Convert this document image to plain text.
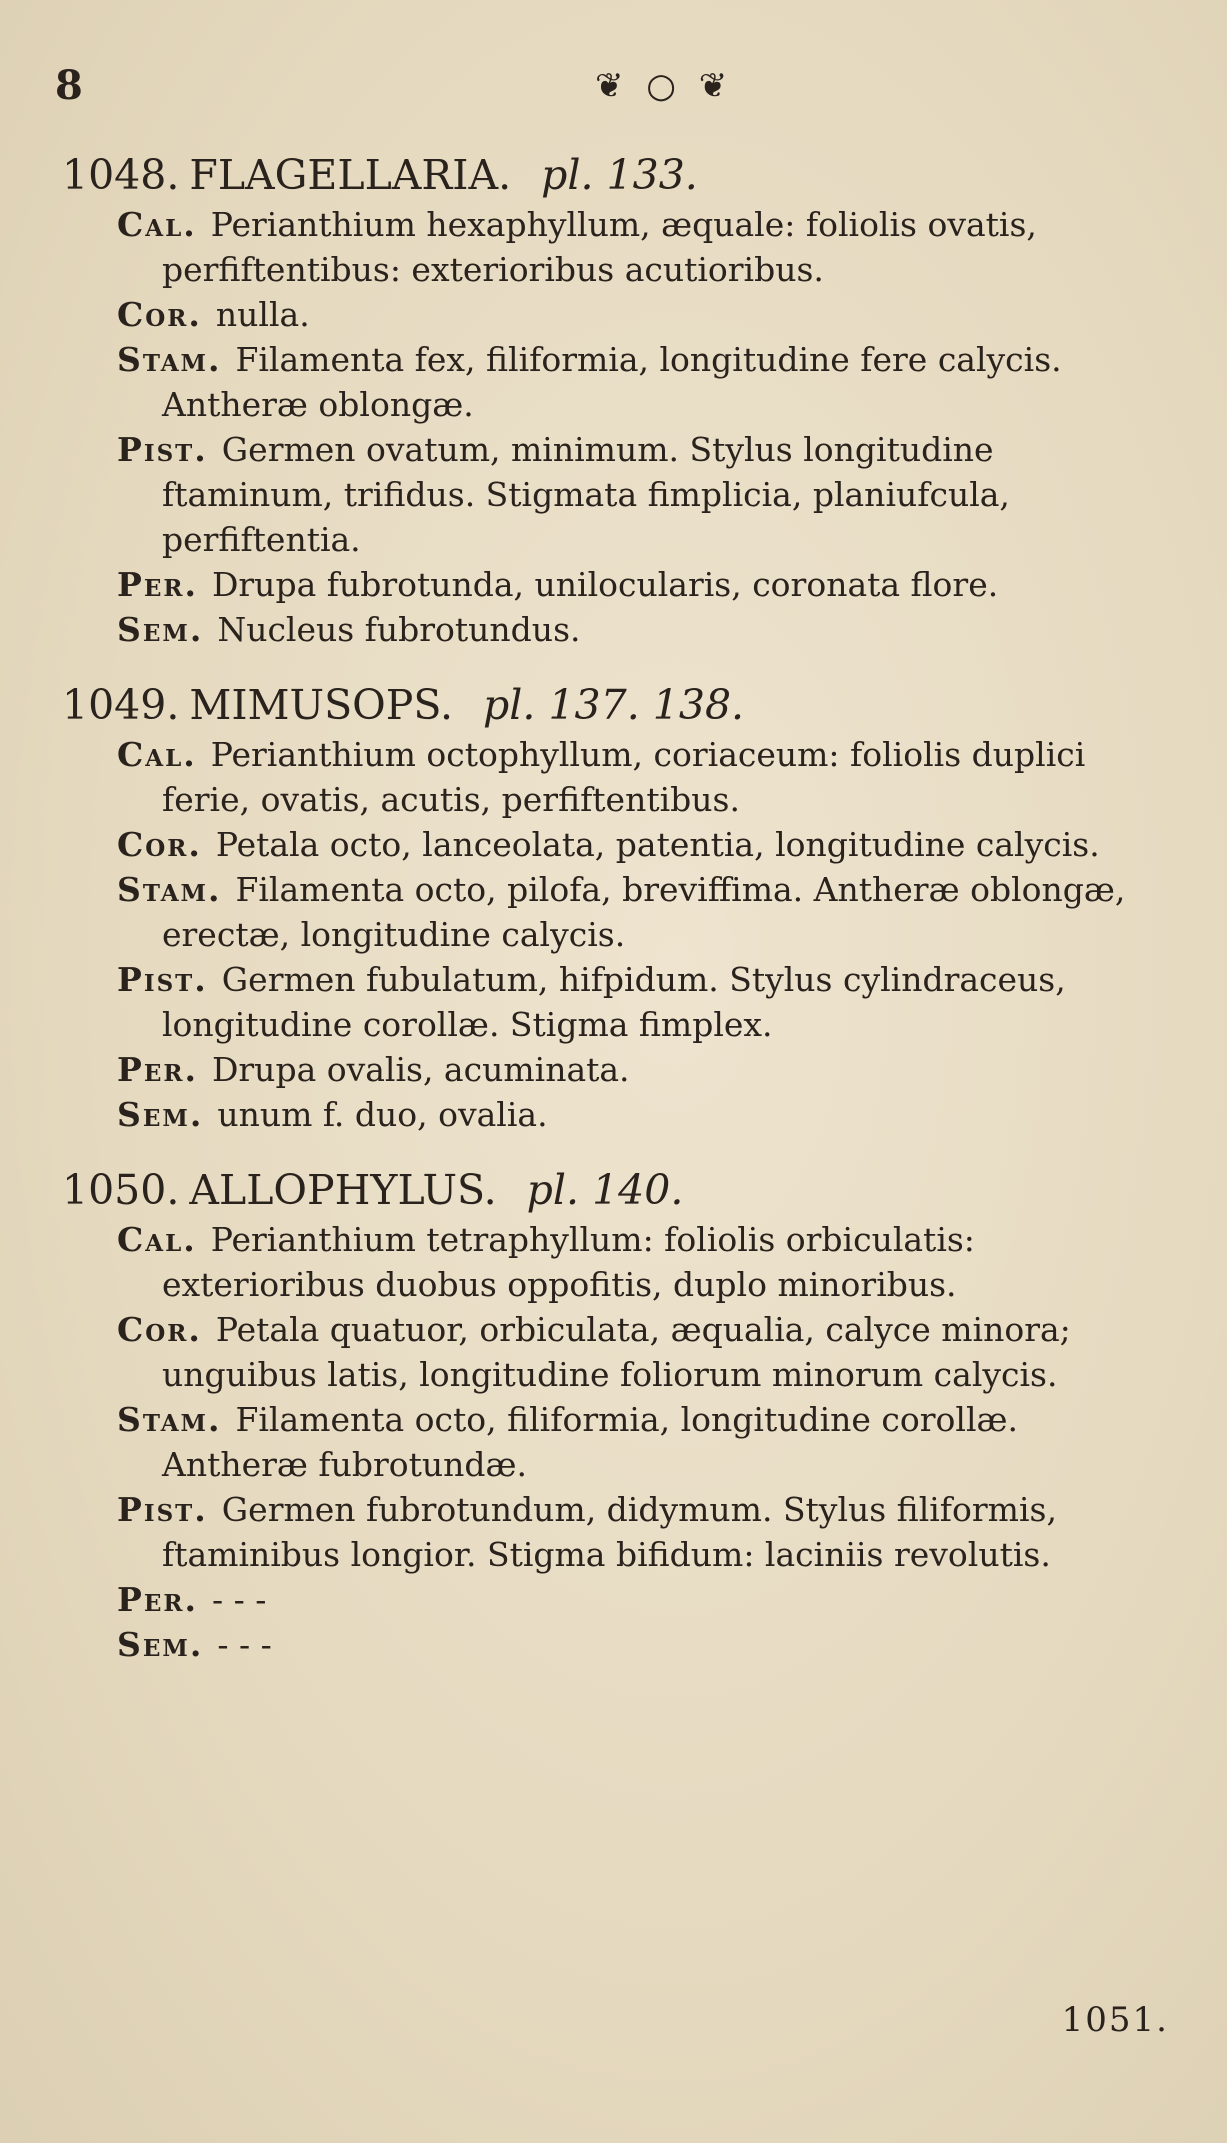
8	❦ ○ ❦
1048. FLAGELLARIA. pl. 133.
Cal. Perianthium hexaphyllum, æquale: foliolis ovatis, perfiftentibus: exterioribus acutioribus.
Cor. nulla.
Stam. Filamenta fex, filiformia, longitudine fere calycis. Antheræ oblongæ.
Pist. Germen ovatum, minimum. Stylus longitudine ftaminum, trifidus. Stigmata fimplicia, planiufcula, perfiftentia.
Per. Drupa fubrotunda, unilocularis, coronata flore.
Sem. Nucleus fubrotundus.
1049. MIMUSOPS. pl. 137. 138.
Cal. Perianthium octophyllum, coriaceum: foliolis duplici ferie, ovatis, acutis, perfiftentibus.
Cor. Petala octo, lanceolata, patentia, longitudine calycis.
Stam. Filamenta octo, pilofa, breviffima. Antheræ oblongæ, erectæ, longitudine calycis.
Pist. Germen fubulatum, hifpidum. Stylus cylindraceus, longitudine corollæ. Stigma fimplex.
Per. Drupa ovalis, acuminata.
Sem. unum f. duo, ovalia.
1050. ALLOPHYLUS. pl. 140.
Cal. Perianthium tetraphyllum: foliolis orbiculatis: exterioribus duobus oppofitis, duplo minoribus.
Cor. Petala quatuor, orbiculata, æqualia, calyce minora; unguibus latis, longitudine foliorum minorum calycis.
Stam. Filamenta octo, filiformia, longitudine corollæ. Antheræ fubrotundæ.
Pist. Germen fubrotundum, didymum. Stylus filiformis, ftaminibus longior. Stigma bifidum: laciniis revolutis.
Per. - - -
Sem. - - -
1051.
